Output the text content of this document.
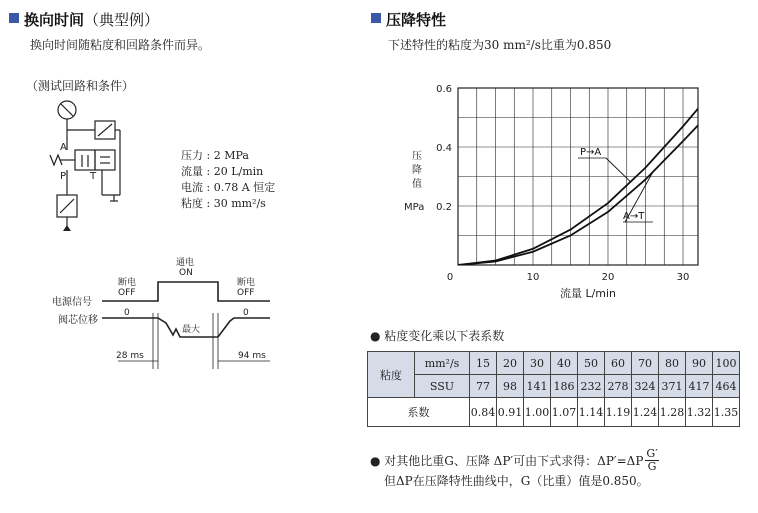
换向时间（典型例）
换向时间随粘度和回路条件而异。
（测试回路和条件）
A
P T
压力 : 2 MPa
流量 : 20 L/min
电流 : 0.78 A 恒定
粘度 : 30 mm²/s
断电
OFF
通电
ON
断电
OFF
0	0
最大
28 ms	94 ms
电源信号
阀芯位移
压降特性
下述特性的粘度为30 mm²/s比重为0.850
0.2
0.4
0.6
0	10	20	30
压
降
值
MPa
流量 L/min
P→A
A→T
● 粘度变化乘以下表系数
粘度	mm²/s	15	20	30	40	50	60	70	80	90	100
	SSU	77	98	141	186	232	278	324	371	417	464
系数		0.84	0.91	1.00	1.07	1.14	1.19	1.24	1.28	1.32	1.35
● 对其他比重G、压降 ΔP′可由下式求得：$\Delta P'=\Delta P \frac{G'}{G}$
但ΔP在压降特性曲线中，G（比重）值是0.850。
